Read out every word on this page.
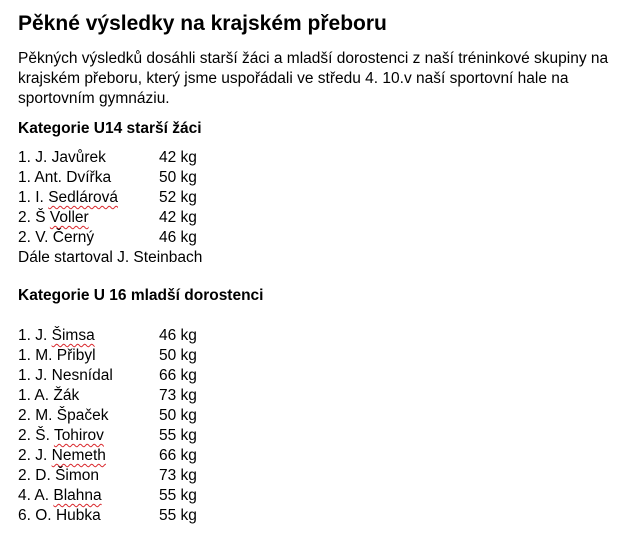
Pěkné výsledky na krajském přeboru

Pěkných výsledků dosáhli starší žáci a mladší dorostenci z naší tréninkové skupiny na krajském přeboru, který jsme uspořádali ve středu 4. 10.v naší sportovní hale na sportovním gymnáziu.

Kategorie U14 starší žáci

1. J. Javůrek	42 kg
1. Ant. Dvířka	50 kg
1. I. Sedlárová	52 kg
2. Š Voller	42 kg
2. V. Černý	46 kg

Dále startoval J. Steinbach

Kategorie U 16 mladší dorostenci

1. J. Šimsa	46 kg
1. M. Přibyl	50 kg
1. J. Nesnídal	66 kg
1. A. Žák	73 kg
2. M. Špaček	50 kg
2. Š. Tohirov	55 kg
2. J. Nemeth	66 kg
2. D. Šimon	73 kg
4. A. Blahna	55 kg
6. O. Hubka	55 kg
